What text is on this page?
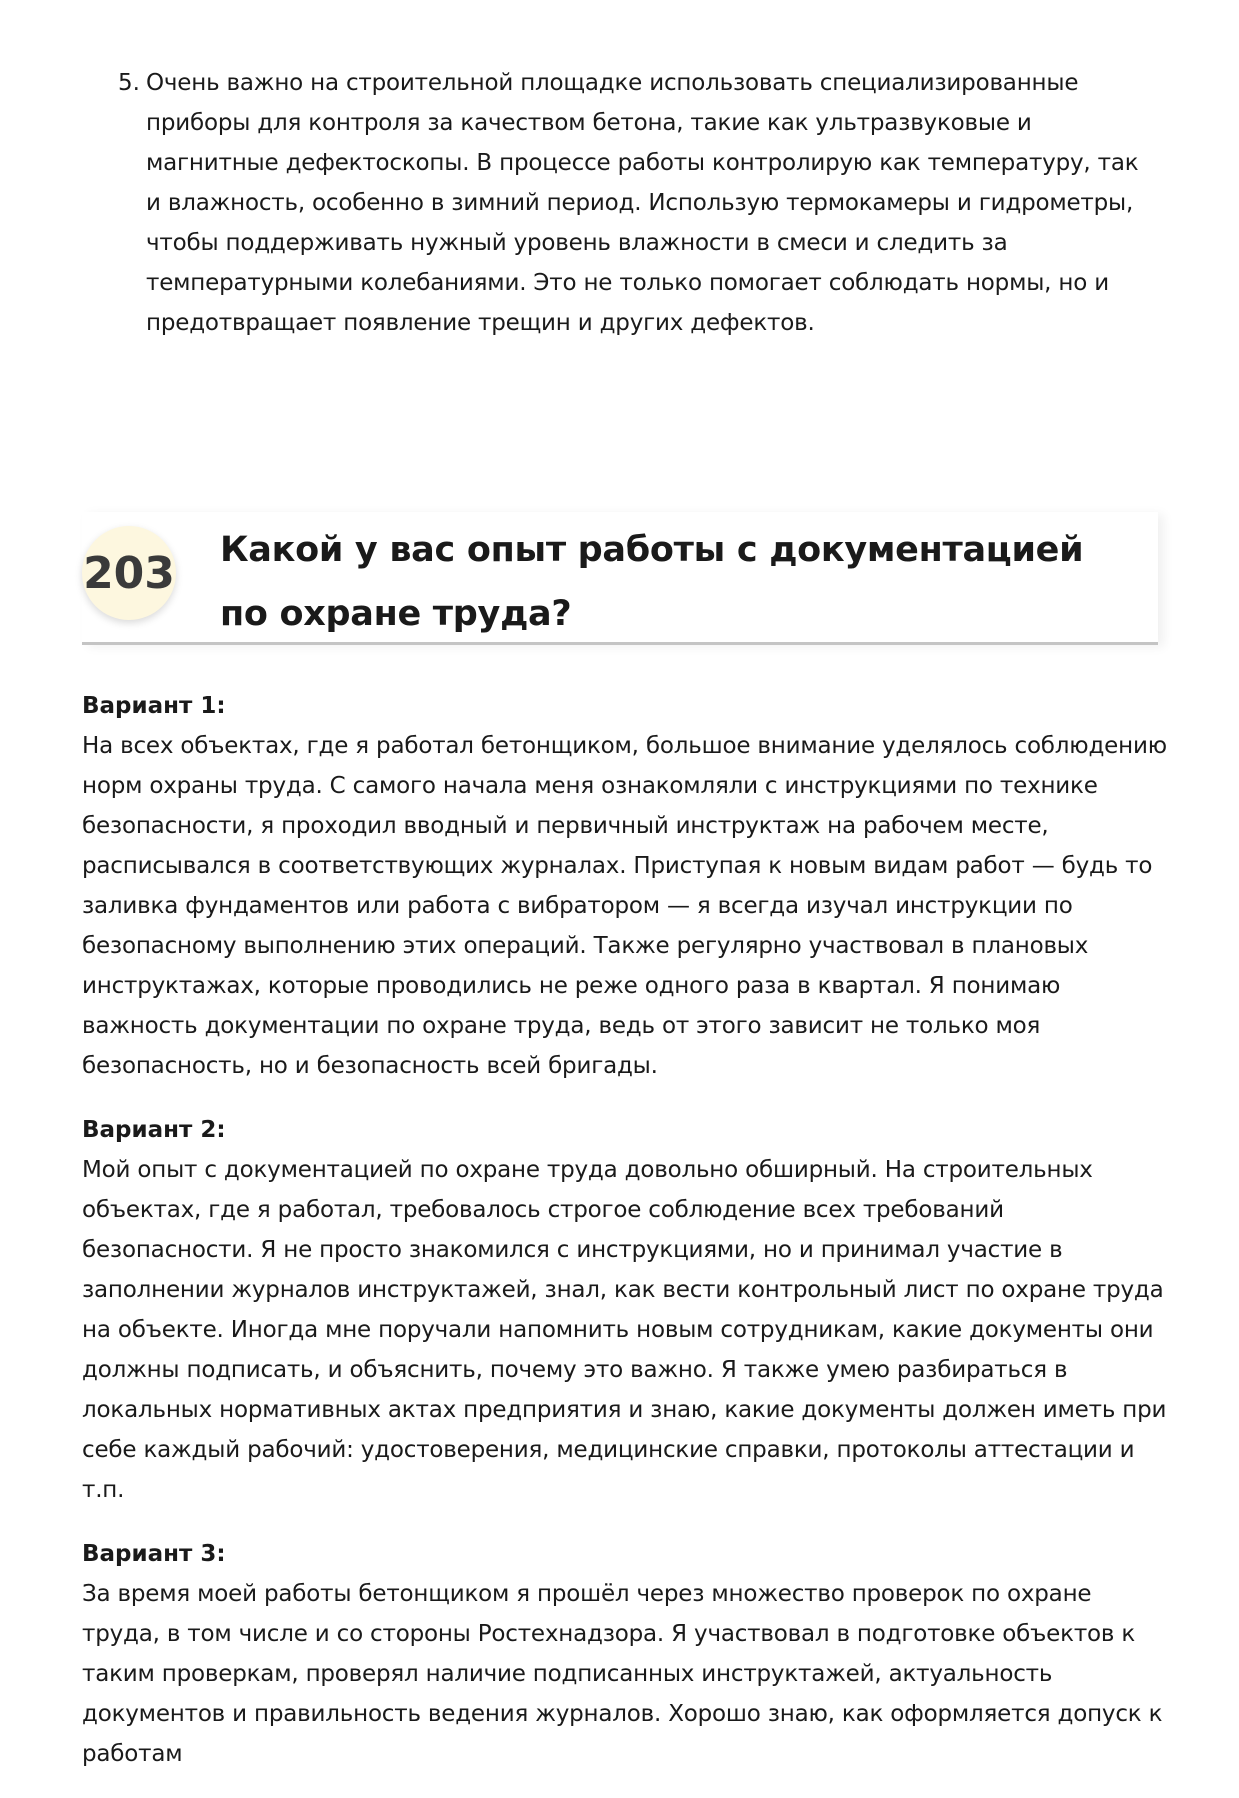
5. Очень важно на строительной площадке использовать специализированные приборы для контроля за качеством бетона, такие как ультразвуковые и магнитные дефектоскопы. В процессе работы контролирую как температуру, так и влажность, особенно в зимний период. Использую термокамеры и гидрометры, чтобы поддерживать нужный уровень влажности в смеси и следить за температурными колебаниями. Это не только помогает соблюдать нормы, но и предотвращает появление трещин и других дефектов.
203 Какой у вас опыт работы с документацией по охране труда?
Вариант 1:
На всех объектах, где я работал бетонщиком, большое внимание уделялось соблюдению норм охраны труда. С самого начала меня ознакомляли с инструкциями по технике безопасности, я проходил вводный и первичный инструктаж на рабочем месте, расписывался в соответствующих журналах. Приступая к новым видам работ — будь то заливка фундаментов или работа с вибратором — я всегда изучал инструкции по безопасному выполнению этих операций. Также регулярно участвовал в плановых инструктажах, которые проводились не реже одного раза в квартал. Я понимаю важность документации по охране труда, ведь от этого зависит не только моя безопасность, но и безопасность всей бригады.
Вариант 2:
Мой опыт с документацией по охране труда довольно обширный. На строительных объектах, где я работал, требовалось строгое соблюдение всех требований безопасности. Я не просто знакомился с инструкциями, но и принимал участие в заполнении журналов инструктажей, знал, как вести контрольный лист по охране труда на объекте. Иногда мне поручали напомнить новым сотрудникам, какие документы они должны подписать, и объяснить, почему это важно. Я также умею разбираться в локальных нормативных актах предприятия и знаю, какие документы должен иметь при себе каждый рабочий: удостоверения, медицинские справки, протоколы аттестации и т.п.
Вариант 3:
За время моей работы бетонщиком я прошёл через множество проверок по охране труда, в том числе и со стороны Ростехнадзора. Я участвовал в подготовке объектов к таким проверкам, проверял наличие подписанных инструктажей, актуальность документов и правильность ведения журналов. Хорошо знаю, как оформляется допуск к работам
